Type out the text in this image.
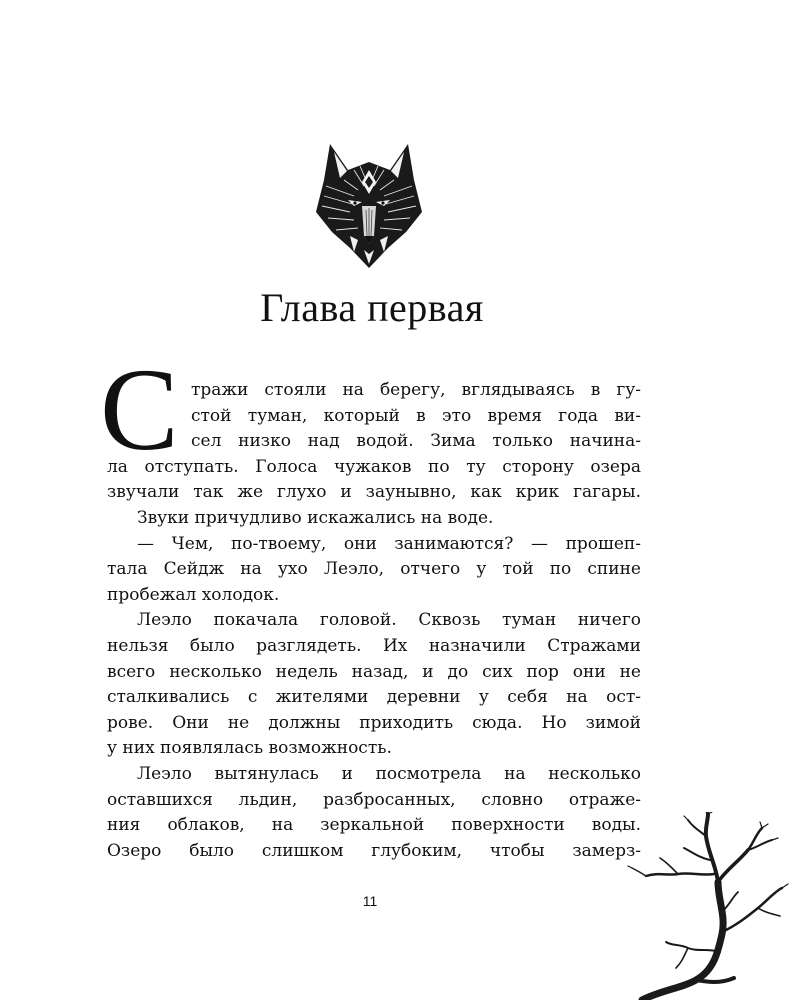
Глава первая
С тражи стояли на берегу, вглядываясь в гу-
стой туман, который в это время года ви-
сел низко над водой. Зима только начина-
ла отступать. Голоса чужаков по ту сторону озера
звучали так же глухо и заунывно, как крик гагары.
Звуки причудливо искажались на воде.
— Чем, по-твоему, они занимаются? — прошеп-
тала Сейдж на ухо Леэло, отчего у той по спине
пробежал холодок.
Леэло покачала головой. Сквозь туман ничего
нельзя было разглядеть. Их назначили Стражами
всего несколько недель назад, и до сих пор они не
сталкивались с жителями деревни у себя на ост-
рове. Они не должны приходить сюда. Но зимой
у них появлялась возможность.
Леэло вытянулась и посмотрела на несколько
оставшихся льдин, разбросанных, словно отраже-
ния облаков, на зеркальной поверхности воды.
Озеро было слишком глубоким, чтобы замерз-
11
